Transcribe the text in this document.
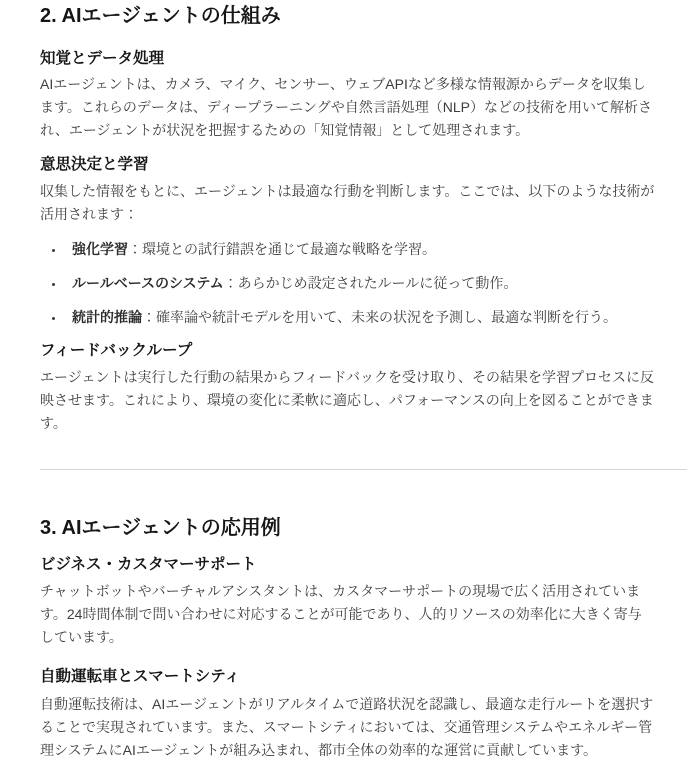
2. AIエージェントの仕組み
知覚とデータ処理

AIエージェントは、カメラ、マイク、センサー、ウェブAPIなど多様な情報源からデータを収集します。これらのデータは、ディープラーニングや自然言語処理（NLP）などの技術を用いて解析され、エージェントが状況を把握するための「知覚情報」として処理されます。

意思決定と学習

収集した情報をもとに、エージェントは最適な行動を判断します。ここでは、以下のような技術が活用されます：

• 強化学習：環境との試行錯誤を通じて最適な戦略を学習。
• ルールベースのシステム：あらかじめ設定されたルールに従って動作。
• 統計的推論：確率論や統計モデルを用いて、未来の状況を予測し、最適な判断を行う。
フィードバックループ

エージェントは実行した行動の結果からフィードバックを受け取り、その結果を学習プロセスに反映させます。これにより、環境の変化に柔軟に適応し、パフォーマンスの向上を図ることができます。

3. AIエージェントの応用例
ビジネス・カスタマーサポート

チャットボットやバーチャルアシスタントは、カスタマーサポートの現場で広く活用されています。24時間体制で問い合わせに対応することが可能であり、人的リソースの効率化に大きく寄与しています。

自動運転車とスマートシティ

自動運転技術は、AIエージェントがリアルタイムで道路状況を認識し、最適な走行ルートを選択することで実現されています。また、スマートシティにおいては、交通管理システムやエネルギー管理システムにAIエージェントが組み込まれ、都市全体の効率的な運営に貢献しています。
